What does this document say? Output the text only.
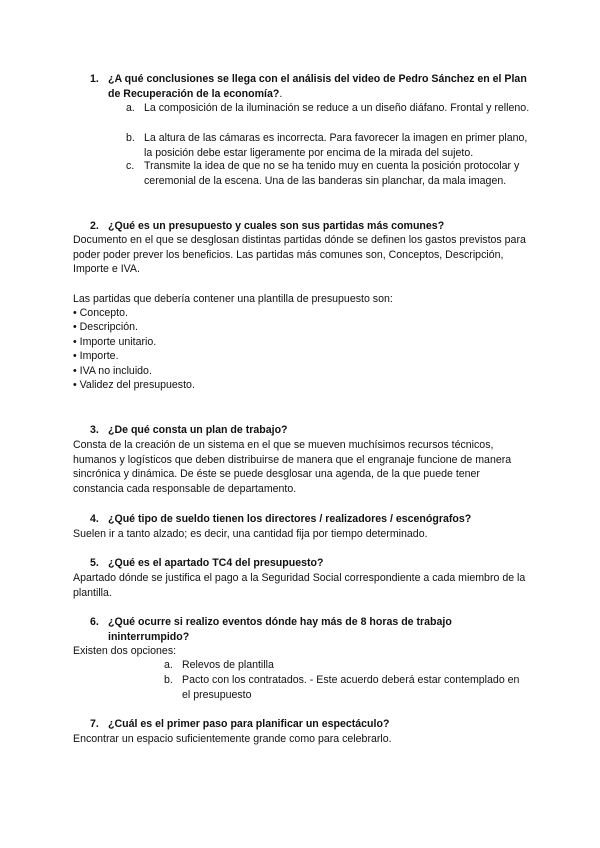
1. ¿A qué conclusiones se llega con el análisis del video de Pedro Sánchez en el Plan de Recuperación de la economía?.
a. La composición de la iluminación se reduce a un diseño diáfano. Frontal y relleno.
b. La altura de las cámaras es incorrecta. Para favorecer la imagen en primer plano, la posición debe estar ligeramente por encima de la mirada del sujeto.
c. Transmite la idea de que no se ha tenido muy en cuenta la posición protocolar y ceremonial de la escena. Una de las banderas sin planchar, da mala imagen.
2. ¿Qué es un presupuesto y cuales son sus partidas más comunes?
Documento en el que se desglosan distintas partidas dónde se definen los gastos previstos para poder poder prever los beneficios. Las partidas más comunes son, Conceptos, Descripción, Importe e IVA.
Las partidas que debería contener una plantilla de presupuesto son:
• Concepto.
• Descripción.
• Importe unitario.
• Importe.
• IVA no incluido.
• Validez del presupuesto.
3. ¿De qué consta un plan de trabajo?
Consta de la creación de un sistema en el que se mueven muchísimos recursos técnicos, humanos y logísticos que deben distribuirse de manera que el engranaje funcione de manera sincrónica y dinámica. De éste se puede desglosar una agenda, de la que puede tener constancia cada responsable de departamento.
4. ¿Qué tipo de sueldo tienen los directores / realizadores / escenógrafos?
Suelen ir a tanto alzado; es decir, una cantidad fija por tiempo determinado.
5. ¿Qué es el apartado TC4 del presupuesto?
Apartado dónde se justifica el pago a la Seguridad Social correspondiente a cada miembro de la plantilla.
6. ¿Qué ocurre si realizo eventos dónde hay más de 8 horas de trabajo ininterrumpido?
Existen dos opciones:
a. Relevos de plantilla
b. Pacto con los contratados. - Este acuerdo deberá estar contemplado en el presupuesto
7. ¿Cuál es el primer paso para planificar un espectáculo?
Encontrar un espacio suficientemente grande como para celebrarlo.
